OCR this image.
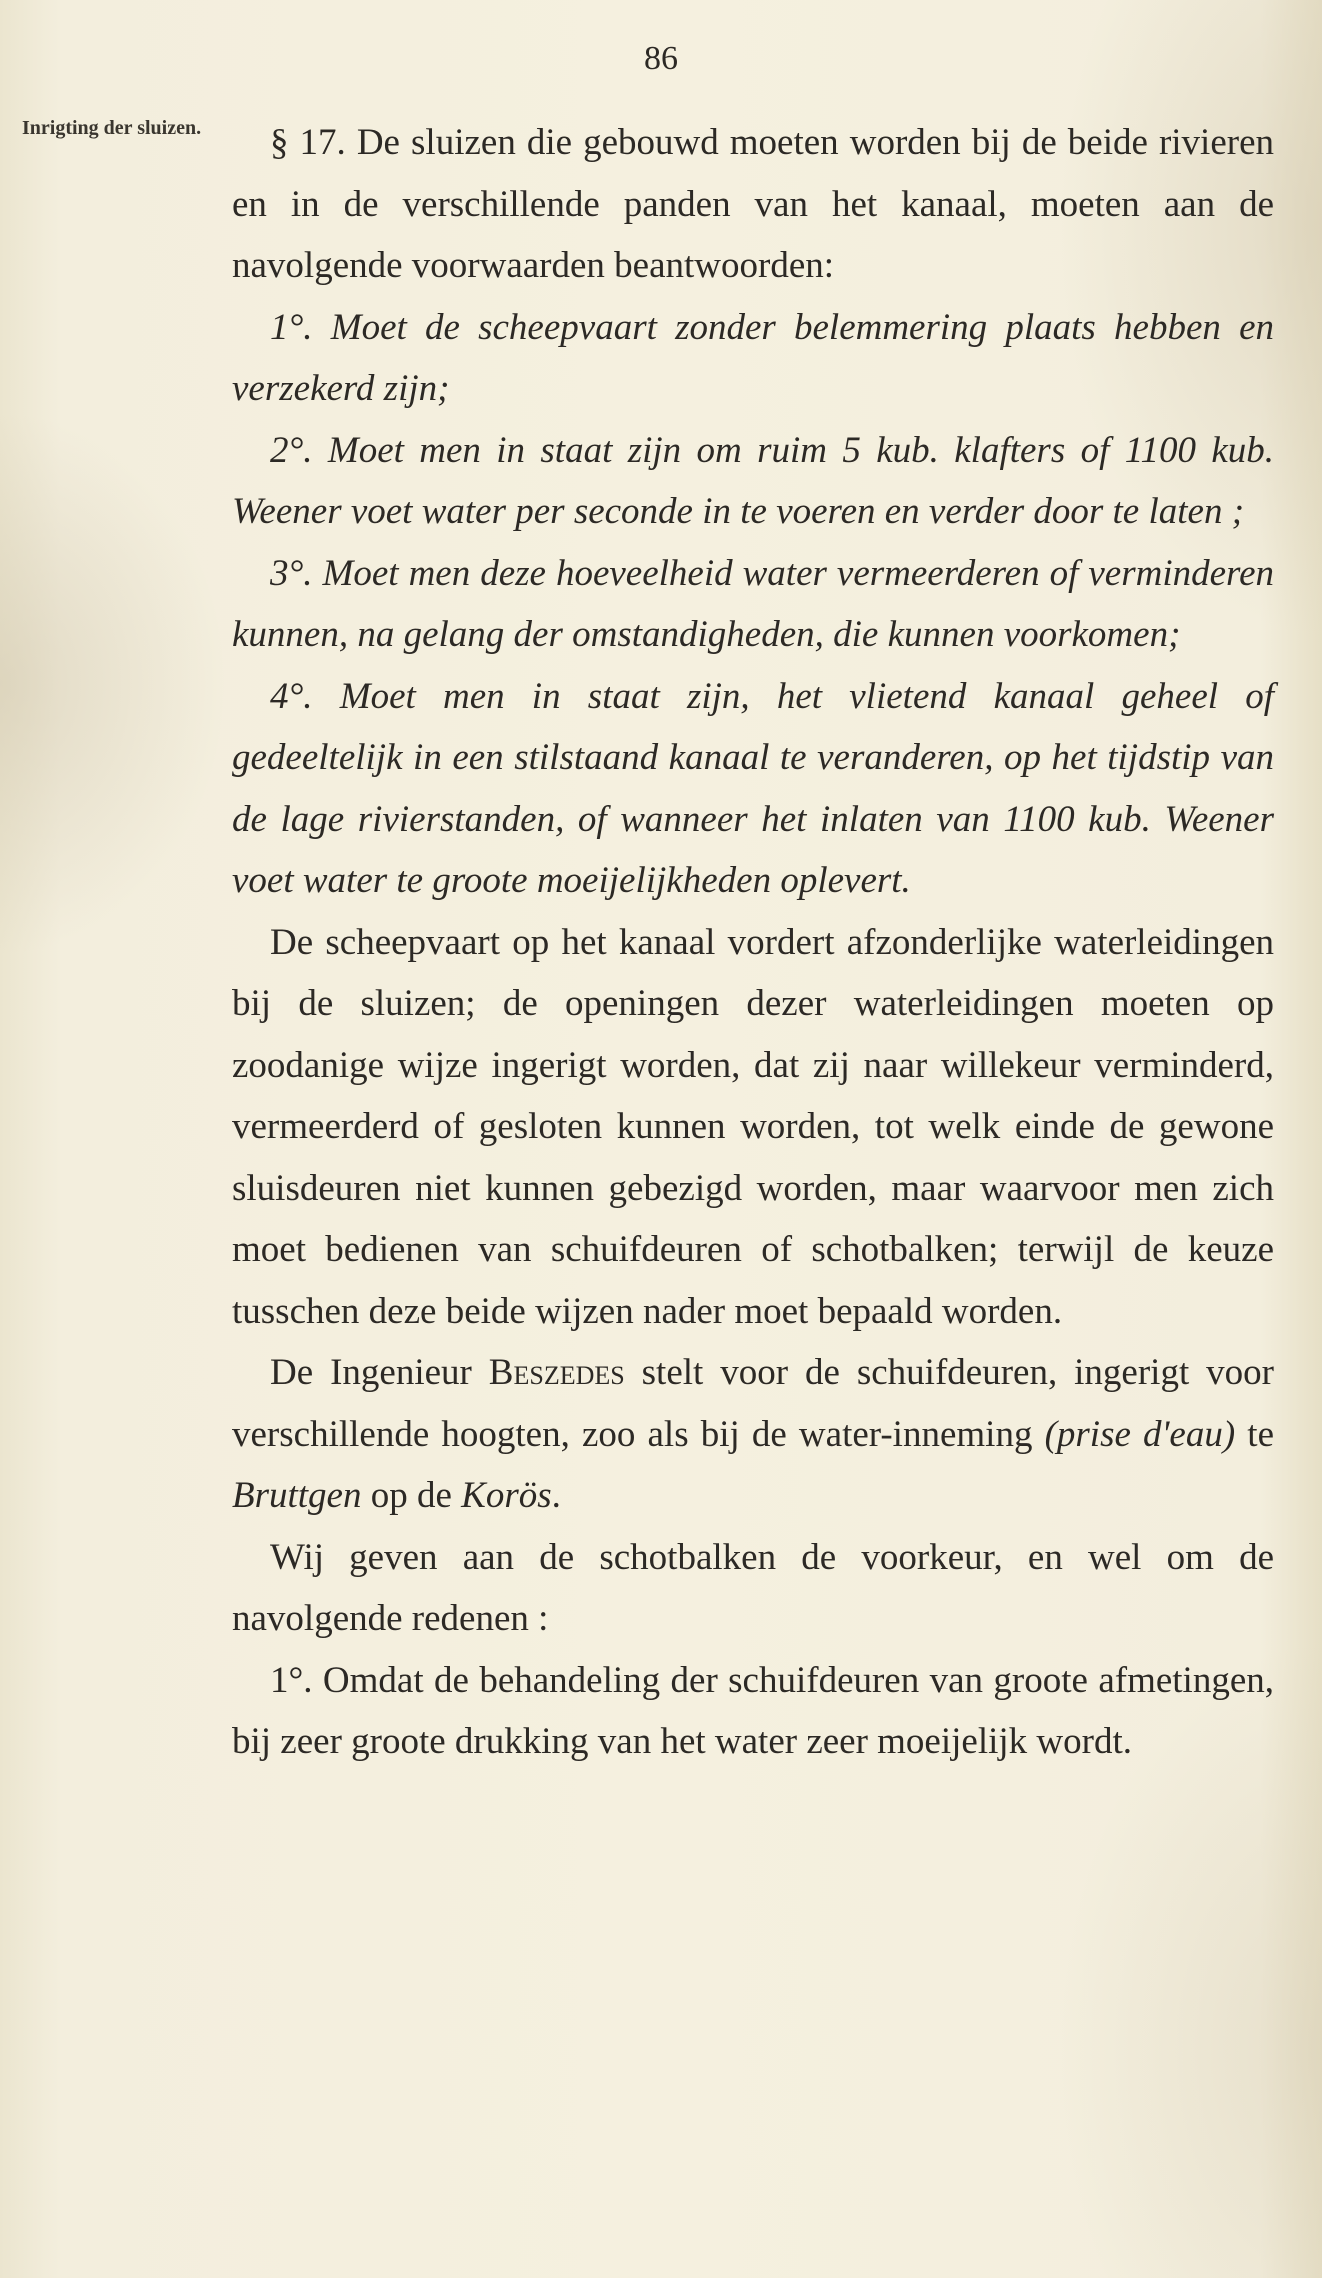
86
Inrigting der sluizen.	§ 17. De sluizen die gebouwd moeten worden bij de beide rivieren en in de verschillende panden van het kanaal, moeten aan de navolgende voorwaarden beantwoorden:

1°. Moet de scheepvaart zonder belemmering plaats hebben en verzekerd zijn;

2°. Moet men in staat zijn om ruim 5 kub. klafters of 1100 kub. Weener voet water per seconde in te voeren en verder door te laten ;

3°. Moet men deze hoeveelheid water vermeerderen of verminderen kunnen, na gelang der omstandigheden, die kunnen voorkomen;

4°. Moet men in staat zijn, het vlietend kanaal geheel of gedeeltelijk in een stilstaand kanaal te veranderen, op het tijdstip van de lage rivierstanden, of wanneer het inlaten van 1100 kub. Weener voet water te groote moeijelijkheden oplevert.

De scheepvaart op het kanaal vordert afzonderlijke waterleidingen bij de sluizen; de openingen dezer waterleidingen moeten op zoodanige wijze ingerigt worden, dat zij naar willekeur verminderd, vermeerderd of gesloten kunnen worden, tot welk einde de gewone sluisdeuren niet kunnen gebezigd worden, maar waarvoor men zich moet bedienen van schuifdeuren of schotbalken; terwijl de keuze tusschen deze beide wijzen nader moet bepaald worden.

De Ingenieur Beszedes stelt voor de schuifdeuren, ingerigt voor verschillende hoogten, zoo als bij de water-inneming (prise d'eau) te Bruttgen op de Korös.

Wij geven aan de schotbalken de voorkeur, en wel om de navolgende redenen :

1°. Omdat de behandeling der schuifdeuren van groote afmetingen, bij zeer groote drukking van het water zeer moeijelijk wordt.
